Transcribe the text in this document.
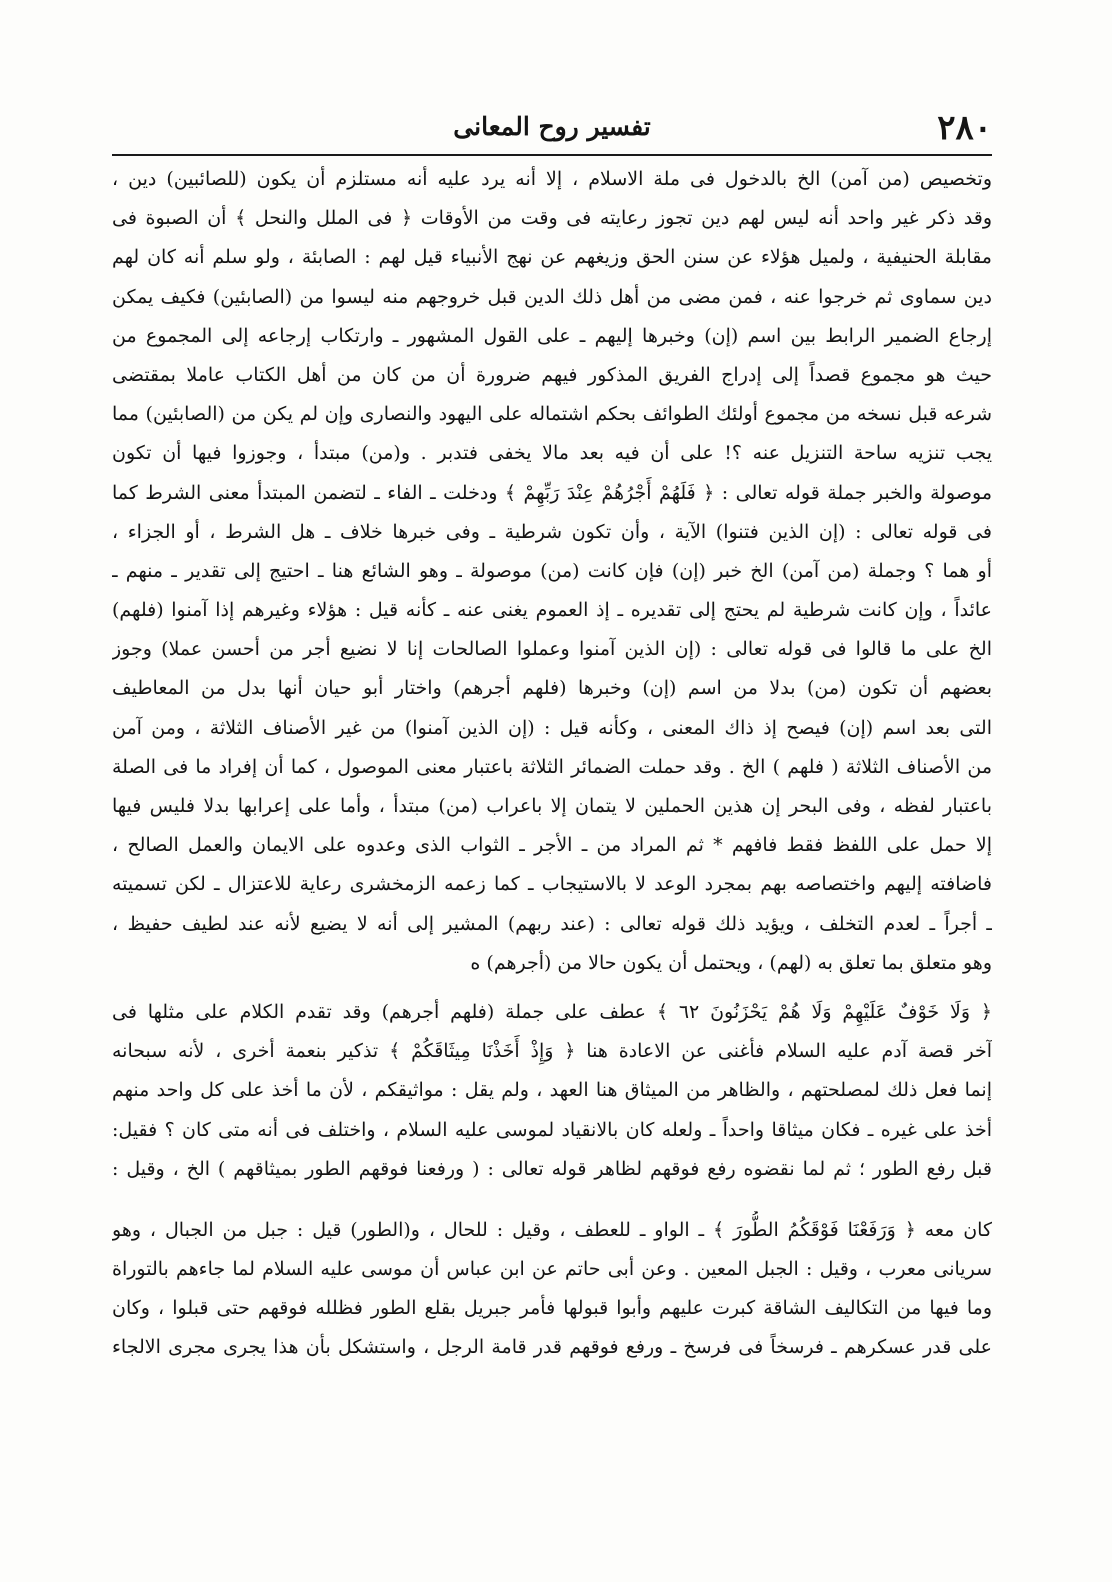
٢٨٠
تفسير روح المعانى
وتخصيص (من آمن) الخ بالدخول فى ملة الاسلام ، إلا أنه يرد عليه أنه مستلزم أن يكون (للصائبين) دين ،
وقد ذكر غير واحد أنه ليس لهم دين تجوز رعايته فى وقت من الأوقات ﴿ فى الملل والنحل ﴾ أن الصبوة فى
مقابلة الحنيفية ، ولميل هؤلاء عن سنن الحق وزيغهم عن نهج الأنبياء قيل لهم : الصابئة ، ولو سلم أنه كان لهم
دين سماوى ثم خرجوا عنه ، فمن مضى من أهل ذلك الدين قبل خروجهم منه ليسوا من (الصابئين) فكيف يمكن
إرجاع الضمير الرابط بين اسم (إن) وخبرها إليهم ـ على القول المشهور ـ وارتكاب إرجاعه إلى المجموع من
حيث هو مجموع قصداً إلى إدراج الفريق المذكور فيهم ضرورة أن من كان من أهل الكتاب عاملا بمقتضى
شرعه قبل نسخه من مجموع أولئك الطوائف بحكم اشتماله على اليهود والنصارى وإن لم يكن من (الصابئين) مما
يجب تنزيه ساحة التنزيل عنه ؟! على أن فيه بعد مالا يخفى فتدبر . و(من) مبتدأ ، وجوزوا فيها أن تكون
موصولة والخبر جملة قوله تعالى : ﴿ فَلَهُمْ أَجْرُهُمْ عِنْدَ رَبِّهِمْ ﴾ ودخلت ـ الفاء ـ لتضمن المبتدأ معنى الشرط كما
فى قوله تعالى : (إن الذين فتنوا) الآية ، وأن تكون شرطية ـ وفى خبرها خلاف ـ هل الشرط ، أو الجزاء ،
أو هما ؟ وجملة (من آمن) الخ خبر (إن) فإن كانت (من) موصولة ـ وهو الشائع هنا ـ احتيج إلى تقدير ـ منهم ـ
عائداً ، وإن كانت شرطية لم يحتج إلى تقديره ـ إذ العموم يغنى عنه ـ كأنه قيل : هؤلاء وغيرهم إذا آمنوا (فلهم)
الخ على ما قالوا فى قوله تعالى : (إن الذين آمنوا وعملوا الصالحات إنا لا نضيع أجر من أحسن عملا) وجوز
بعضهم أن تكون (من) بدلا من اسم (إن) وخبرها (فلهم أجرهم) واختار أبو حيان أنها بدل من المعاطيف
التى بعد اسم (إن) فيصح إذ ذاك المعنى ، وكأنه قيل : (إن الذين آمنوا) من غير الأصناف الثلاثة ، ومن آمن
من الأصناف الثلاثة ( فلهم ) الخ . وقد حملت الضمائر الثلاثة باعتبار معنى الموصول ، كما أن إفراد ما فى الصلة
باعتبار لفظه ، وفى البحر إن هذين الحملين لا يتمان إلا باعراب (من) مبتدأ ، وأما على إعرابها بدلا فليس فيها
إلا حمل على اللفظ فقط فافهم * ثم المراد من ـ الأجر ـ الثواب الذى وعدوه على الايمان والعمل الصالح ،
فاضافته إليهم واختصاصه بهم بمجرد الوعد لا بالاستيجاب ـ كما زعمه الزمخشرى رعاية للاعتزال ـ لكن تسميته
ـ أجراً ـ لعدم التخلف ، ويؤيد ذلك قوله تعالى : (عند ربهم) المشير إلى أنه لا يضيع لأنه عند لطيف حفيظ ،
وهو متعلق بما تعلق به (لهم) ، ويحتمل أن يكون حالا من (أجرهم) ه
﴿ وَلَا خَوْفٌ عَلَيْهِمْ وَلَا هُمْ يَحْزَنُونَ ٦٢ ﴾ عطف على جملة (فلهم أجرهم) وقد تقدم الكلام على مثلها فى
آخر قصة آدم عليه السلام فأغنى عن الاعادة هنا ﴿ وَإِذْ أَخَذْنَا مِيثَاقَكُمْ ﴾ تذكير بنعمة أخرى ، لأنه سبحانه
إنما فعل ذلك لمصلحتهم ، والظاهر من الميثاق هنا العهد ، ولم يقل : مواثيقكم ، لأن ما أخذ على كل واحد منهم
أخذ على غيره ـ فكان ميثاقا واحداً ـ ولعله كان بالانقياد لموسى عليه السلام ، واختلف فى أنه متى كان ؟ فقيل:
قبل رفع الطور ؛ ثم لما نقضوه رفع فوقهم لظاهر قوله تعالى : ( ورفعنا فوقهم الطور بميثاقهم ) الخ ، وقيل :
كان معه ﴿ وَرَفَعْنَا فَوْقَكُمُ الطُّورَ ﴾ ـ الواو ـ للعطف ، وقيل : للحال ، و(الطور) قيل : جبل من الجبال ، وهو
سريانى معرب ، وقيل : الجبل المعين . وعن أبى حاتم عن ابن عباس أن موسى عليه السلام لما جاءهم بالتوراة
وما فيها من التكاليف الشاقة كبرت عليهم وأبوا قبولها فأمر جبريل بقلع الطور فظلله فوقهم حتى قبلوا ، وكان
على قدر عسكرهم ـ فرسخاً فى فرسخ ـ ورفع فوقهم قدر قامة الرجل ، واستشكل بأن هذا يجرى مجرى الالجاء
